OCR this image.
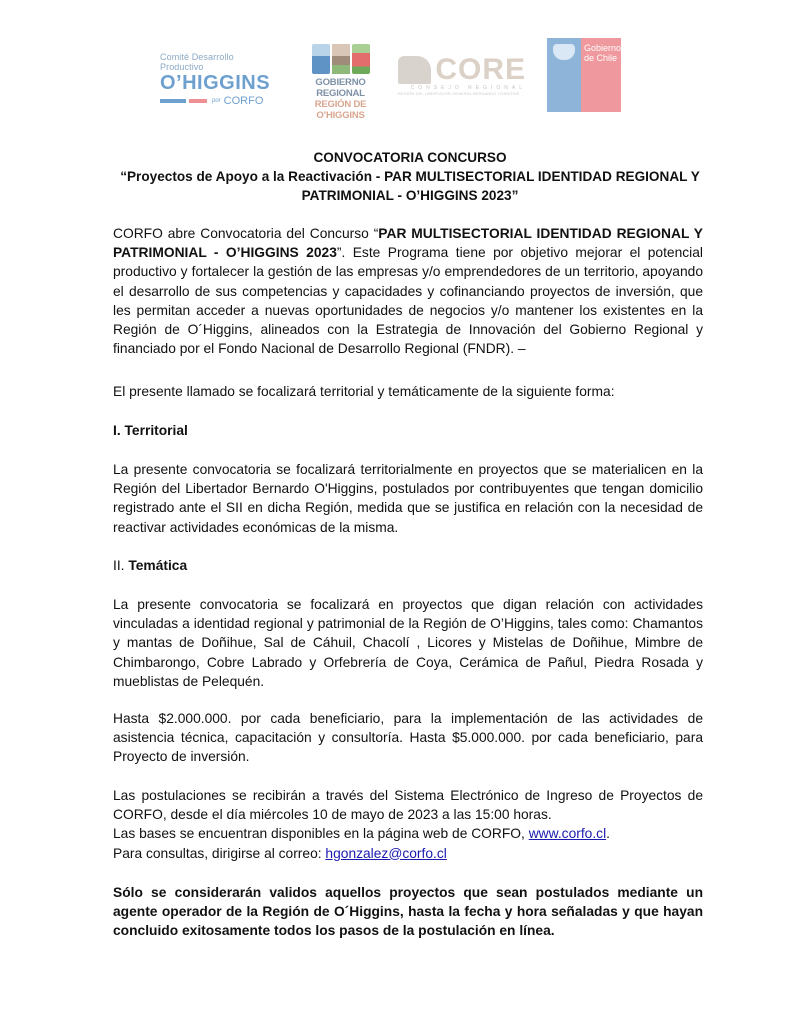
Comité Desarrollo Productivo
O’HIGGINS
por CORFO
GOBIERNO REGIONAL
REGIÓN DE O’HIGGINS
CORE
CONSEJO REGIONAL
REGIÓN DEL LIBERTADOR GENERAL BERNARDO O’HIGGINS
Gobierno
de Chile
CONVOCATORIA CONCURSO
“Proyectos de Apoyo a la Reactivación - PAR MULTISECTORIAL IDENTIDAD REGIONAL Y PATRIMONIAL - O’HIGGINS 2023”
CORFO abre Convocatoria del Concurso “PAR MULTISECTORIAL IDENTIDAD REGIONAL Y PATRIMONIAL - O’HIGGINS 2023”. Este Programa tiene por objetivo mejorar el potencial productivo y fortalecer la gestión de las empresas y/o emprendedores de un territorio, apoyando el desarrollo de sus competencias y capacidades y cofinanciando proyectos de inversión, que les permitan acceder a nuevas oportunidades de negocios y/o mantener los existentes en la Región de O´Higgins, alineados con la Estrategia de Innovación del Gobierno Regional y financiado por el Fondo Nacional de Desarrollo Regional (FNDR). –
El presente llamado se focalizará territorial y temáticamente de la siguiente forma:
I. Territorial
La presente convocatoria se focalizará territorialmente en proyectos que se materialicen en la Región del Libertador Bernardo O'Higgins, postulados por contribuyentes que tengan domicilio registrado ante el SII en dicha Región, medida que se justifica en relación con la necesidad de reactivar actividades económicas de la misma.
II. Temática
La presente convocatoria se focalizará en proyectos que digan relación con actividades vinculadas a identidad regional y patrimonial de la Región de O’Higgins, tales como: Chamantos y mantas de Doñihue, Sal de Cáhuil, Chacolí , Licores y Mistelas de Doñihue, Mimbre de Chimbarongo, Cobre Labrado y Orfebrería de Coya, Cerámica de Pañul, Piedra Rosada y mueblistas de Pelequén.
Hasta $2.000.000. por cada beneficiario, para la implementación de las actividades de asistencia técnica, capacitación y consultoría. Hasta $5.000.000. por cada beneficiario, para Proyecto de inversión.
Las postulaciones se recibirán a través del Sistema Electrónico de Ingreso de Proyectos de CORFO, desde el día miércoles 10 de mayo de 2023 a las 15:00 horas.
Las bases se encuentran disponibles en la página web de CORFO, www.corfo.cl.
Para consultas, dirigirse al correo: hgonzalez@corfo.cl
Sólo se considerarán validos aquellos proyectos que sean postulados mediante un agente operador de la Región de O´Higgins, hasta la fecha y hora señaladas y que hayan concluido exitosamente todos los pasos de la postulación en línea.
